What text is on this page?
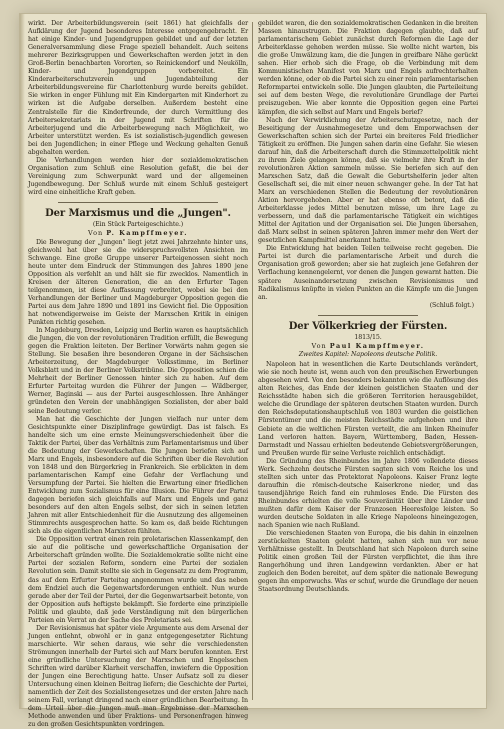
wirkt. Der Arbeiterbildungsverein (seit 1861) hat gleichfalls der Aufklärung der Jugend besonderes Interesse entgegengebracht. Er hat einige Kinder- und Jugendgruppen gebildet und auf der letzten Generalversammlung diese Frage speziell behandelt. Auch seitens mehrerer Bezirksgruppen und Gewerkschaften werden jetzt in den Groß-Berlin benachbarten Vororten, so Reinickendorf und Neukölln, Kinder- und Jugendgruppen vorbereitet. Ein Kinderarbeiterschutzverein und Jugendabteilung der Arbeiterbildungsvereine für Charlottenburg wurde bereits gebildet. Sie wirken in enger Fühlung mit Ein Kindergarten mit Kinderhort zu wirken ist die Aufgabe derselben. Außerdem besteht eine Zentralstelle für die Kinderfreunde, der durch Vermittlung des Arbeitersekretariats in der Jugend mit Schriften für die Arbeiterjugend und die Arbeiterbewegung nach Möglichkeit, wo Arbeiter unterstützt werden. Es ist sozialistisch-jugendlich gewesen bei den Jugendlichen; in einer Pflege und Weckung gehalten Genuß abgehalten werden.

Die Verhandlungen werden hier der sozialdemokratischen Organisation zum Schluß eine Resolution gefaßt, die bei der Vereinigung zum Schwerpunkt ward und der allgemeinen Jugendbewegung. Der Schluß wurde mit einem Schluß gesteigert wird eine einheitliche Kraft geben.

Der Marxismus und die „Jungen".
(Ein Stück Parteigeschichte.)
Von P. Kampffmeyer.

Die Bewegung der „Jungen" liegt jetzt zwei Jahrzehnte hinter uns, gleichwohl hat über sie die widerspruchsvollsten Ansichten im Schwange. Eine große Gruppe unserer Parteigenossen sieht noch heute unter dem Eindruck der Stimmungen des Jahres 1890 jene Opposition als verfehlt an und hält sie für zwecklos. Namentlich in Kreisen der älteren Generation, die an den Erfurter Tagen teilgenommen, ist diese Auffassung verbreitet, wobei sie bei den Verhandlungen der Berliner und Magdeburger Opposition gegen die Partei aus dem Jahre 1890 und 1891 ins Gewicht fiel. Die Opposition hat notwendigerweise im Geiste der Marxschen Kritik in einigen Punkten richtig gesehen.

In Magdeburg, Dresden, Leipzig und Berlin waren es hauptsächlich die Jungen, die von der revolutionären Tradition erfüllt, die Bewegung gegen die Fraktion leiteten. Der Berliner Vorwärts nahm gegen sie Stellung. Sie besaßen ihre besonderen Organe in der Sächsischen Arbeiterzeitung, der Magdeburger Volksstimme, im Berliner Volksblatt und in der Berliner Volkstribüne. Die Opposition schien die Mehrheit der Berliner Genossen hinter sich zu haben. Auf dem Erfurter Parteitag wurden die Führer der Jungen — Wildberger, Werner, Baginski — aus der Partei ausgeschlossen. Ihre Anhänger gründeten den Verein der unabhängigen Sozialisten, der aber bald seine Bedeutung verlor.

Man hat die Geschichte der Jungen vielfach nur unter dem Gesichtspunkte einer Disziplinfrage gewürdigt. Das ist falsch. Es handelte sich um eine ernste Meinungsverschiedenheit über die Taktik der Partei, über das Verhältnis zum Parlamentarismus und über die Bedeutung der Gewerkschaften. Die Jungen beriefen sich auf Marx und Engels, insbesondere auf die Schriften über die Revolution von 1848 und den Bürgerkrieg in Frankreich. Sie erblickten in dem parlamentarischen Kampf eine Gefahr der Verflachung und Versumpfung der Partei. Sie hielten die Erwartung einer friedlichen Entwicklung zum Sozialismus für eine Illusion. Die Führer der Partei dagegen beriefen sich gleichfalls auf Marx und Engels und ganz besonders auf den alten Engels selbst, der sich in seinen letzten Jahren mit aller Entschiedenheit für die Ausnutzung des allgemeinen Stimmrechts ausgesprochen hatte. So kam es, daß beide Richtungen sich als die eigentlichen Marxisten fühlten.

Die Opposition vertrat einen rein proletarischen Klassenkampf, den sie auf die politische und gewerkschaftliche Organisation der Arbeiterschaft gründen wollte. Die Sozialdemokratie sollte nicht eine Partei der sozialen Reform, sondern eine Partei der sozialen Revolution sein. Damit stellte sie sich in Gegensatz zu dem Programm, das auf dem Erfurter Parteitag angenommen wurde und das neben dem Endziel auch die Gegenwartsforderungen enthielt. Nun wurde gerade aber der Teil der Partei, der die Gegenwartsarbeit betonte, von der Opposition aufs heftigste bekämpft. Sie forderte eine prinzipielle Politik und glaubte, daß jede Verständigung mit den bürgerlichen Parteien ein Verrat an der Sache des Proletariats sei.

Der Revisionismus hat später viele Argumente aus dem Arsenal der Jungen entlehnt, obwohl er in ganz entgegengesetzter Richtung marschierte. Wir sehen daraus, wie sehr die verschiedensten Strömungen innerhalb der Partei sich auf Marx berufen konnten. Erst eine gründliche Untersuchung der Marxschen und Engelsschen Schriften wird darüber Klarheit verschaffen, inwiefern die Opposition der Jungen eine Berechtigung hatte. Unser Aufsatz soll zu dieser Untersuchung einen kleinen Beitrag liefern; die Geschichte der Partei, namentlich der Zeit des Sozialistengesetzes und der ersten Jahre nach seinem Fall, verlangt dringend nach einer gründlichen Bearbeitung. In dem Urteil über die Jungen muß man Ergebnisse der Marxschen Methode anwenden und über Fraktions- und Personenfragen hinweg zu den großen Gesichtspunkten vordringen.

gebildet waren, die den sozialdemokratischen Gedanken in die breiten Massen hinaustrugen. Die Fraktion dagegen glaubte, daß auf parlamentarischem Gebiet zunächst durch Reformen die Lage der Arbeiterklasse gehoben werden müsse. Sie wollte nicht warten, bis die große Umwälzung kam, die die Jungen in greifbare Nähe gerückt sahen. Hier erhob sich die Frage, ob die Verbindung mit dem Kommunistischen Manifest von Marx und Engels aufrechterhalten werden könne, oder ob die Partei sich zu einer rein parlamentarischen Reformpartei entwickeln solle. Die Jungen glaubten, die Parteileitung sei auf dem besten Wege, die revolutionäre Grundlage der Partei preiszugeben. Wie aber konnte die Opposition gegen eine Partei kämpfen, die sich selbst auf Marx und Engels berief?

Nach der Verwirklichung der Arbeiterschutzgesetze, nach der Beseitigung der Ausnahmegesetze und dem Emporwachsen der Gewerkschaften schien sich der Partei ein breiteres Feld friedlicher Tätigkeit zu eröffnen. Die Jungen sahen darin eine Gefahr. Sie wiesen darauf hin, daß die Arbeiterschaft durch die Stimmzettelpolitik nicht zu ihrem Ziele gelangen könne, daß sie vielmehr ihre Kraft in der revolutionären Aktion sammeln müsse. Sie beriefen sich auf den Marxschen Satz, daß die Gewalt die Geburtshelferin jeder alten Gesellschaft sei, die mit einer neuen schwanger gehe. In der Tat hat Marx an verschiedenen Stellen die Bedeutung der revolutionären Aktion hervorgehoben. Aber er hat ebenso oft betont, daß die Arbeiterklasse jedes Mittel benutzen müsse, um ihre Lage zu verbessern, und daß die parlamentarische Tätigkeit ein wichtiges Mittel der Agitation und der Organisation sei. Die Jungen übersahen, daß Marx selbst in seinen späteren Jahren immer mehr den Wert der gesetzlichen Kampfmittel anerkannt hatte.

Die Entwicklung hat beiden Teilen teilweise recht gegeben. Die Partei ist durch die parlamentarische Arbeit und durch die Organisation groß geworden; aber sie hat zugleich jene Gefahren der Verflachung kennengelernt, vor denen die Jungen gewarnt hatten. Die spätere Auseinandersetzung zwischen Revisionismus und Radikalismus knüpfte in vielen Punkten an die Kämpfe um die Jungen an.

(Schluß folgt.)
Der Völkerkrieg der Fürsten.
1813/15.
Von Paul Kampffmeyer.
Zweites Kapitel: Napoleons deutsche Politik.

Napoleon hat in wesentlichen die Karte Deutschlands verändert, wie sie noch heute ist, wenn auch von den preußischen Erwerbungen abgesehen wird. Von den besonders bekannten wie die Auflösung des alten Reiches, das Ende der kleinen geistlichen Staaten und der Reichsstädte haben sich die größeren Territorien herausgebildet, welche die Grundlage der späteren deutschen Staaten wurden. Durch den Reichsdeputationshauptschluß von 1803 wurden die geistlichen Fürstentümer und die meisten Reichsstädte aufgehoben und ihre Gebiete an die weltlichen Fürsten verteilt, die am linken Rheinufer Land verloren hatten. Bayern, Württemberg, Baden, Hessen-Darmstadt und Nassau erhielten bedeutende Gebietsvergrößerungen, und Preußen wurde für seine Verluste reichlich entschädigt.

Die Gründung des Rheinbundes im Jahre 1806 vollendete dieses Werk. Sechzehn deutsche Fürsten sagten sich vom Reiche los und stellten sich unter das Protektorat Napoleons. Kaiser Franz legte daraufhin die römisch-deutsche Kaiserkrone nieder, und das tausendjährige Reich fand ein ruhmloses Ende. Die Fürsten des Rheinbundes erhielten die volle Souveränität über ihre Länder und mußten dafür dem Kaiser der Franzosen Heeresfolge leisten. So wurden deutsche Soldaten in alle Kriege Napoleons hineingezogen, nach Spanien wie nach Rußland.

Die verschiedenen Staaten von Europa, die bis dahin in einzelnen zerstückelten Staaten gelebt hatten, sahen sich nun vor neue Verhältnisse gestellt. In Deutschland hat sich Napoleon durch seine Politik einen großen Teil der Fürsten verpflichtet, die ihm ihre Rangerhöhung und ihren Landgewinn verdankten. Aber er hat zugleich den Boden bereitet, auf dem später die nationale Bewegung gegen ihn emporwuchs. Was er schuf, wurde die Grundlage der neuen Staatsordnung Deutschlands.
